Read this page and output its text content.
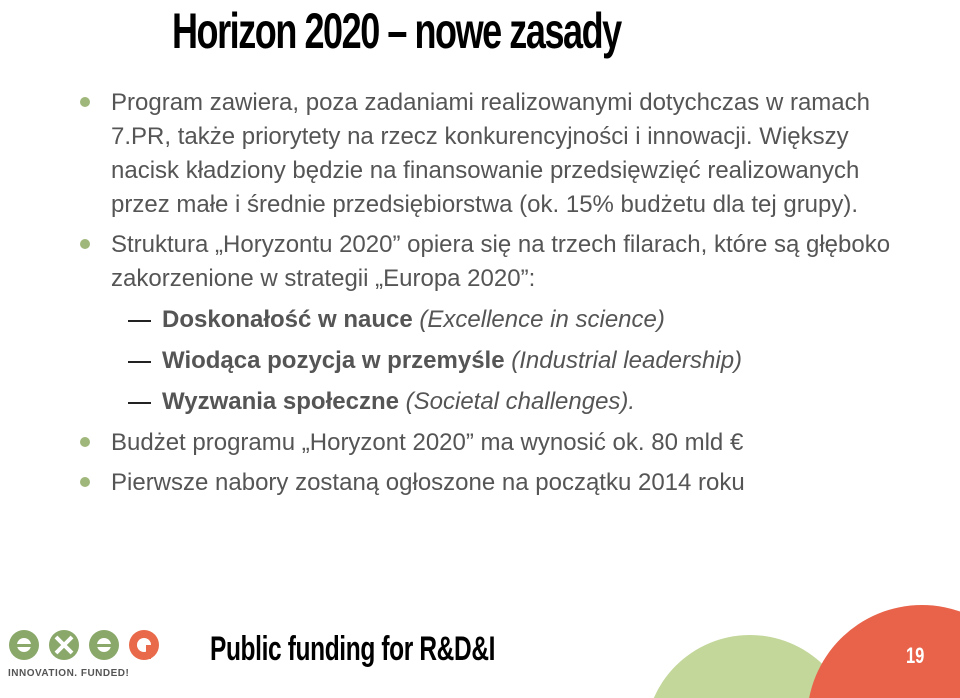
Horizon 2020 – nowe zasady

Program zawiera, poza zadaniami realizowanymi dotychczas w ramach 7.PR, także priorytety na rzecz konkurencyjności i innowacji. Większy nacisk kładziony będzie na finansowanie przedsięwzięć realizowanych przez małe i średnie przedsiębiorstwa (ok. 15% budżetu dla tej grupy).

Struktura „Horyzontu 2020” opiera się na trzech filarach, które są głęboko zakorzenione w strategii „Europa 2020”:

Doskonałość w nauce (Excellence in science)

Wiodąca pozycja w przemyśle (Industrial leadership)

Wyzwania społeczne (Societal challenges).

Budżet programu „Horyzont 2020” ma wynosić ok. 80 mld €

Pierwsze nabory zostaną ogłoszone na początku 2014 roku

INNOVATION. FUNDED!
Public funding for R&D&I	19
